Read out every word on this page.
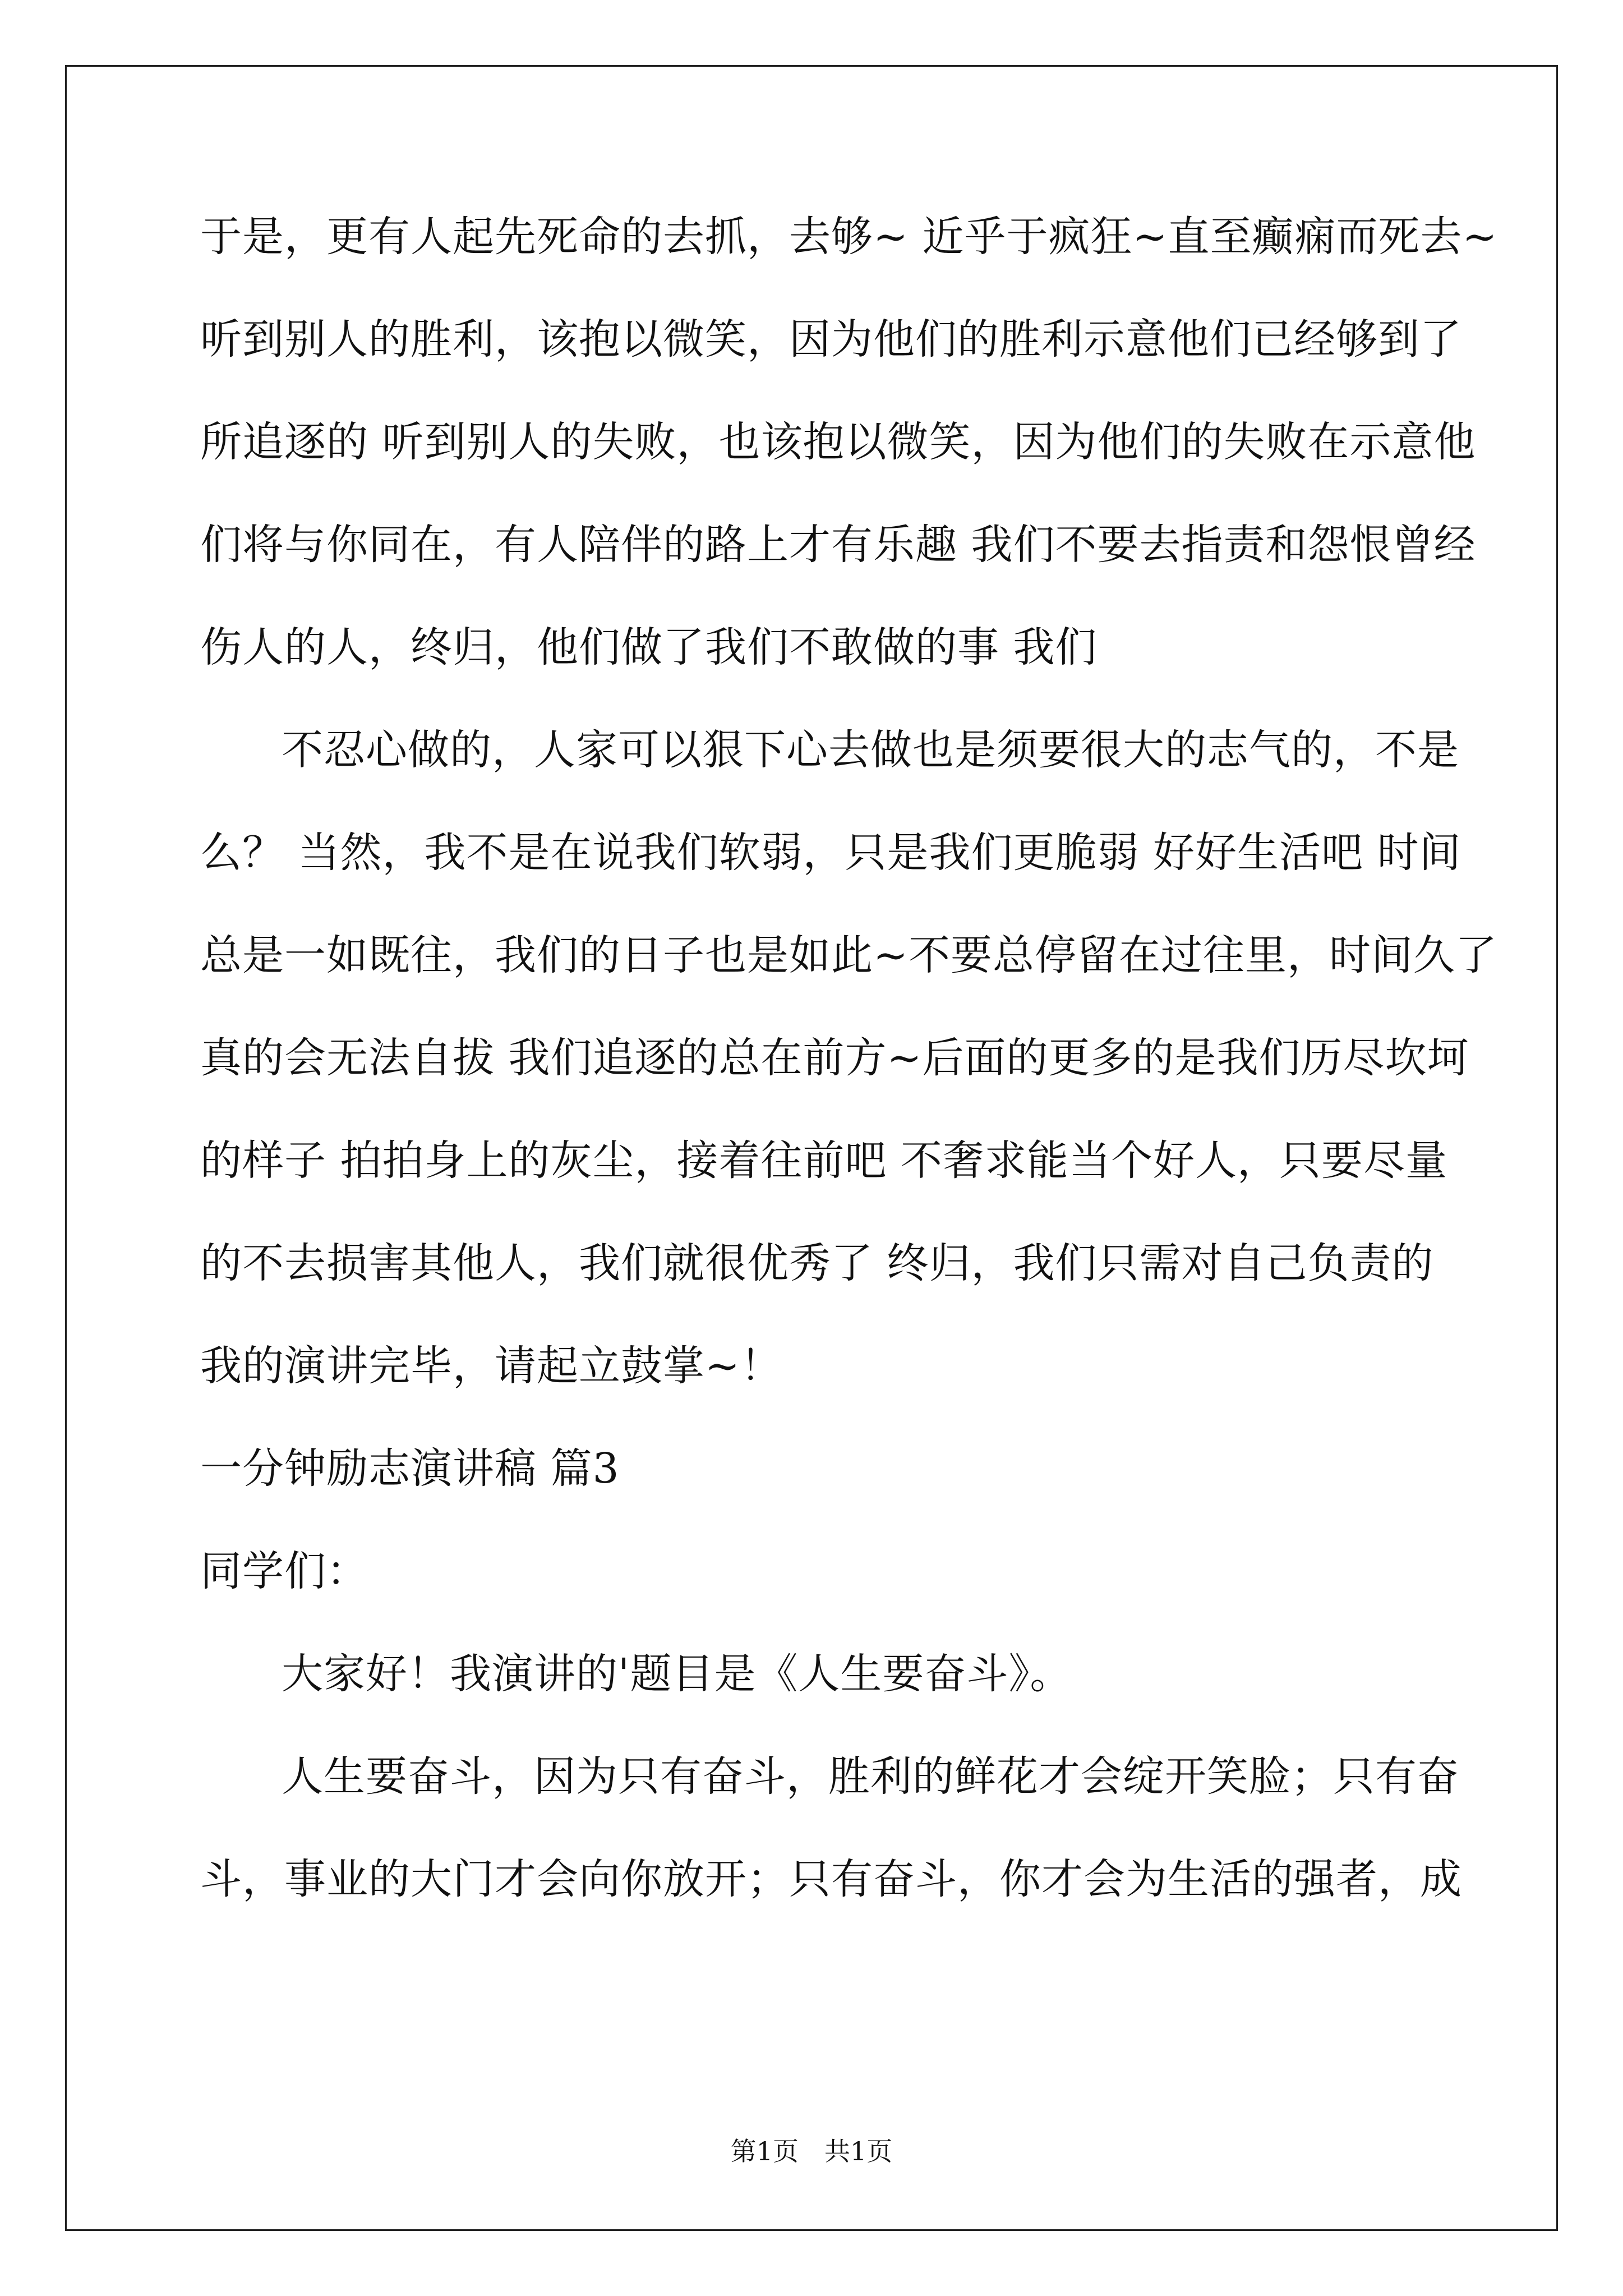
于是，更有人起先死命的去抓，去够~ 近乎于疯狂~直至癫痫而死去~
听到别人的胜利，该抱以微笑，因为他们的胜利示意他们已经够到了
所追逐的 听到别人的失败，也该抱以微笑，因为他们的失败在示意他
们将与你同在，有人陪伴的路上才有乐趣 我们不要去指责和怨恨曾经
伤人的人，终归，他们做了我们不敢做的事 我们
不忍心做的，人家可以狠下心去做也是须要很大的志气的，不是
么？ 当然，我不是在说我们软弱，只是我们更脆弱 好好生活吧 时间
总是一如既往，我们的日子也是如此~不要总停留在过往里，时间久了
真的会无法自拔 我们追逐的总在前方~后面的更多的是我们历尽坎坷
的样子 拍拍身上的灰尘，接着往前吧 不奢求能当个好人，只要尽量
的不去损害其他人，我们就很优秀了 终归，我们只需对自己负责的
我的演讲完毕，请起立鼓掌~！
一分钟励志演讲稿 篇3
同学们：
大家好！我演讲的'题目是《人生要奋斗》。
人生要奋斗，因为只有奋斗，胜利的鲜花才会绽开笑脸；只有奋
斗，事业的大门才会向你放开；只有奋斗，你才会为生活的强者，成
第1页　共1页
